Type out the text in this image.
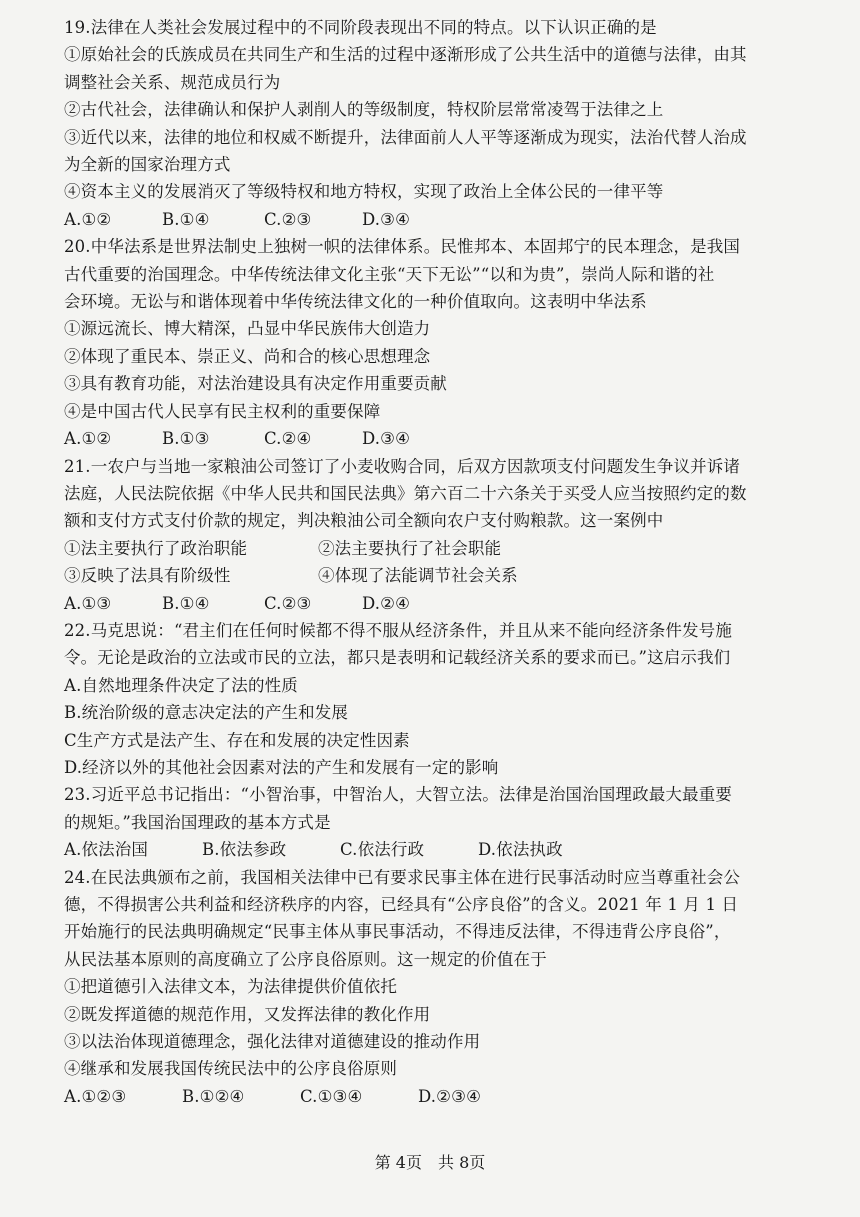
19.法律在人类社会发展过程中的不同阶段表现出不同的特点。以下认识正确的是
①原始社会的氏族成员在共同生产和生活的过程中逐渐形成了公共生活中的道德与法律，由其
调整社会关系、规范成员行为
②古代社会，法律确认和保护人剥削人的等级制度，特权阶层常常凌驾于法律之上
③近代以来，法律的地位和权威不断提升，法律面前人人平等逐渐成为现实，法治代替人治成
为全新的国家治理方式
④资本主义的发展消灭了等级特权和地方特权，实现了政治上全体公民的一律平等
A.①②	B.①④	C.②③	D.③④
20.中华法系是世界法制史上独树一帜的法律体系。民惟邦本、本固邦宁的民本理念，是我国
古代重要的治国理念。中华传统法律文化主张“天下无讼”“以和为贵”，崇尚人际和谐的社
会环境。无讼与和谐体现着中华传统法律文化的一种价值取向。这表明中华法系
①源远流长、博大精深，凸显中华民族伟大创造力
②体现了重民本、崇正义、尚和合的核心思想理念
③具有教育功能，对法治建设具有决定作用重要贡献
④是中国古代人民享有民主权利的重要保障
A.①②	B.①③	C.②④	D.③④
21.一农户与当地一家粮油公司签订了小麦收购合同，后双方因款项支付问题发生争议并诉诸
法庭，人民法院依据《中华人民共和国民法典》第六百二十六条关于买受人应当按照约定的数
额和支付方式支付价款的规定，判决粮油公司全额向农户支付购粮款。这一案例中
①法主要执行了政治职能	②法主要执行了社会职能
③反映了法具有阶级性	④体现了法能调节社会关系
A.①③	B.①④	C.②③	D.②④
22.马克思说：“君主们在任何时候都不得不服从经济条件，并且从来不能向经济条件发号施
令。无论是政治的立法或市民的立法，都只是表明和记载经济关系的要求而已。”这启示我们
A.自然地理条件决定了法的性质
B.统治阶级的意志决定法的产生和发展
C生产方式是法产生、存在和发展的决定性因素
D.经济以外的其他社会因素对法的产生和发展有一定的影响
23.习近平总书记指出：“小智治事，中智治人，大智立法。法律是治国治国理政最大最重要
的规矩。”我国治国理政的基本方式是
A.依法治国	B.依法参政	C.依法行政	D.依法执政
24.在民法典颁布之前，我国相关法律中已有要求民事主体在进行民事活动时应当尊重社会公
德，不得损害公共利益和经济秩序的内容，已经具有“公序良俗”的含义。2021 年 1 月 1 日
开始施行的民法典明确规定“民事主体从事民事活动，不得违反法律，不得违背公序良俗”，
从民法基本原则的高度确立了公序良俗原则。这一规定的价值在于
①把道德引入法律文本，为法律提供价值依托
②既发挥道德的规范作用，又发挥法律的教化作用
③以法治体现道德理念，强化法律对道德建设的推动作用
④继承和发展我国传统民法中的公序良俗原则
A.①②③	B.①②④	C.①③④	D.②③④
第 4页 共 8页
